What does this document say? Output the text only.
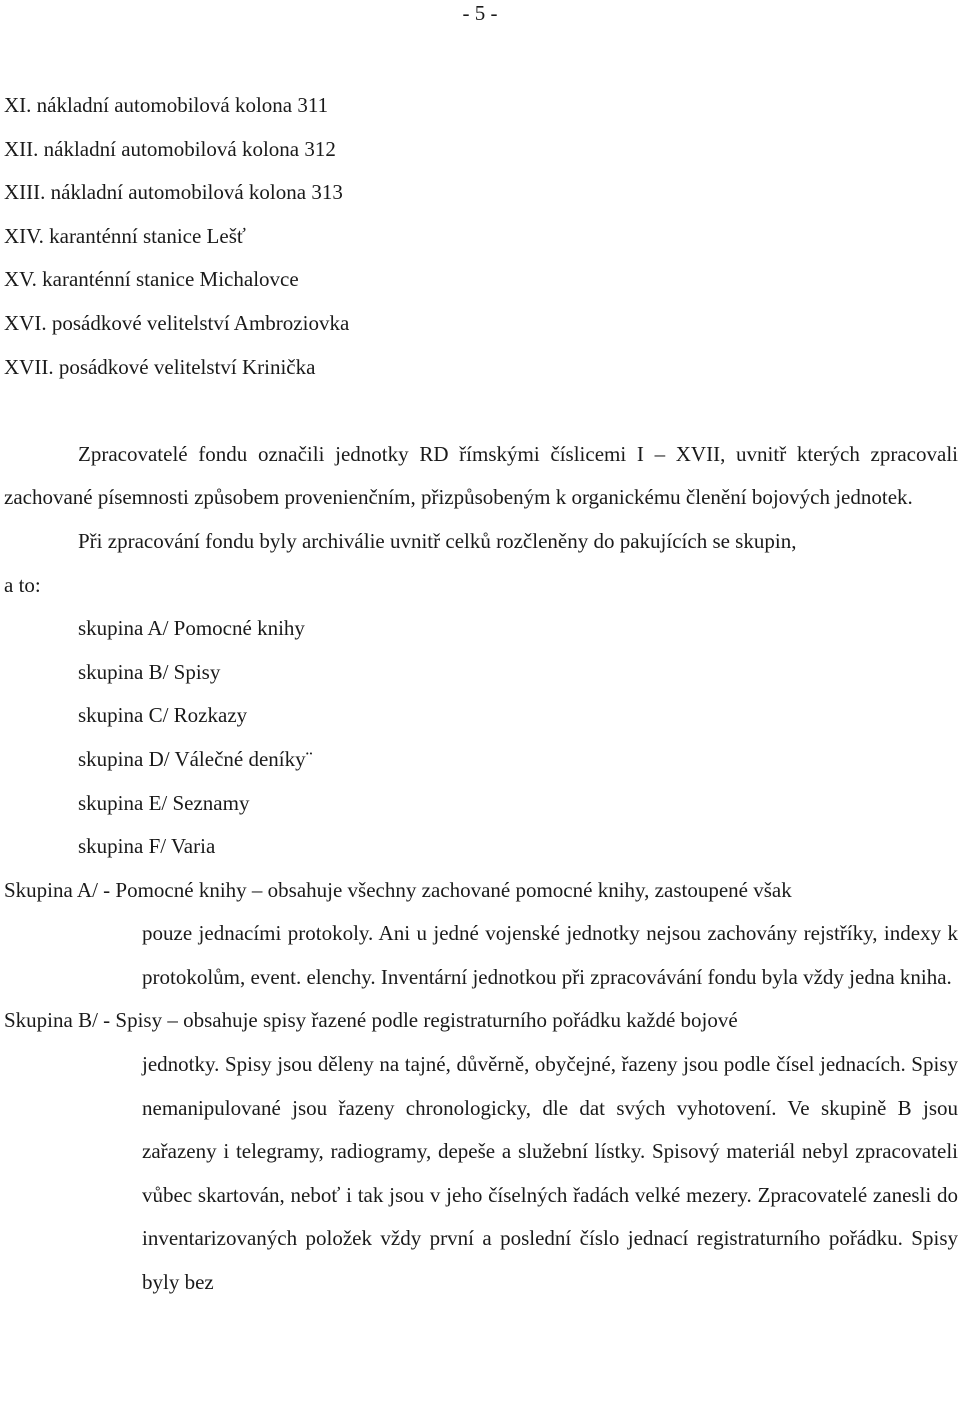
- 5 -
XI. nákladní automobilová kolona 311
XII. nákladní automobilová kolona 312
XIII. nákladní automobilová kolona 313
XIV. karanténní stanice Lešť
XV. karanténní stanice Michalovce
XVI. posádkové velitelství Ambroziovka
XVII. posádkové velitelství Krinička

Zpracovatelé fondu označili jednotky RD římskými číslicemi I – XVII, uvnitř kterých zpracovali zachované písemnosti způsobem provenienčním, přizpůsobeným k organickému členění bojových jednotek.

Při zpracování fondu byly archiválie uvnitř celků rozčleněny do pakujících se skupin,

a to:

skupina A/ Pomocné knihy
skupina B/ Spisy
skupina C/ Rozkazy
skupina D/ Válečné deníky¨
skupina E/ Seznamy
skupina F/ Varia
Skupina A/ - Pomocné knihy – obsahuje všechny zachované pomocné knihy, zastoupené však
pouze jednacími protokoly. Ani u jedné vojenské jednotky nejsou zachovány rejstříky, indexy k protokolům, event. elenchy. Inventární jednotkou při zpracovávání fondu byla vždy jedna kniha.
Skupina B/ - Spisy – obsahuje spisy řazené podle registraturního pořádku každé bojové
jednotky. Spisy jsou děleny na tajné, důvěrně, obyčejné, řazeny jsou podle čísel jednacích. Spisy nemanipulované jsou řazeny chronologicky, dle dat svých vyhotovení. Ve skupině B jsou zařazeny i telegramy, radiogramy, depeše a služební lístky. Spisový materiál nebyl zpracovateli vůbec skartován, neboť i tak jsou v jeho číselných řadách velké mezery. Zpracovatelé zanesli do inventarizovaných položek vždy první a poslední číslo jednací registraturního pořádku. Spisy byly bez
